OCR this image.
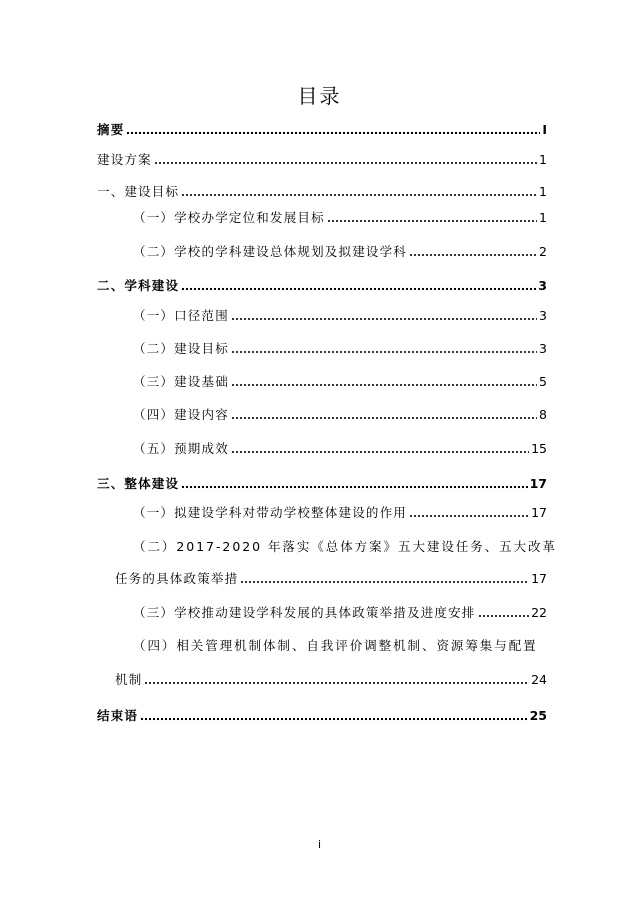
目录
摘要	I
建设方案	1
一、建设目标	1
（一）学校办学定位和发展目标	1
（二）学校的学科建设总体规划及拟建设学科	2
二、学科建设	3
（一）口径范围	3
（二）建设目标	3
（三）建设基础	5
（四）建设内容	8
（五）预期成效	15
三、整体建设	17
（一）拟建设学科对带动学校整体建设的作用	17
（二）2017-2020 年落实《总体方案》五大建设任务、五大改革
任务的具体政策举措	17
（三）学校推动建设学科发展的具体政策举措及进度安排	22
（四）相关管理机制体制、自我评价调整机制、资源筹集与配置
机制	24
结束语	25
i
